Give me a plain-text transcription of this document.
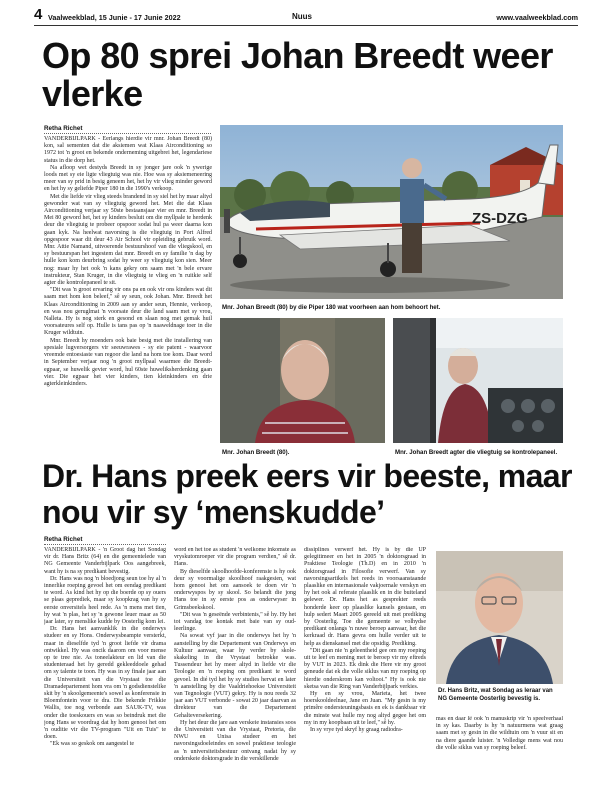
4 Vaalweekblad, 15 Junie - 17 Junie 2022	Nuus	www.vaalweekblad.com
Op 80 sprei Johan Breedt weer vlerke
Retha Richet

VANDERBIJLPARK - Eerlangs hierdie vir mnr. Johan Breedt (80) kon, sal sementen dat die aksiemen wat Klaas Airconditioning so 1972 tot 'n groot en bekende onderneming uitgebrei het, legendariese status in die dorp het.

Na afloop wet destyds Breedt in sy jonger jare ook 'n ywerige loods met sy eie ligte vliegtuig was nie. Hoe was sy aksiemeneering meer van sy prid in besig geneem het, het hy vir vlieg minder geword en het hy sy geliefde Piper 180 in die 1990's verkoop.

Met die liefde vir vlieg steeds brandend in sy siel het hy maar altyd gewonder wat van sy vliegtuig geword het. Met die dat Klaas Airconditioning verjaar sy 50ste bestaansjaar vier en mnr. Breedt in Mei 80 geword het, het sy kinders besluit om die myllpale te herdenk deur die vliegtuig te probeer opspoor sodat hul pa weer daarna kon gaan kyk. Na heelwat navorsing is die vliegtuig in Port Alfred opgespoor waar dit deur 43 Air School vir opleiding gebruik word. Mnr. Attie Namand, uitvoerende bestuurshoof van die vliegskool, en sy bestuurspan het ingestem dat mnr. Breedt en sy familie 'n dag by hulle kon kom deurbring sodat hy weer sy vliegtuig kon sien. Meer nog: maar hy het ook 'n kans gekry om saam met 'n bele ervare instrukteur, Stan Kruger, in die vliegtuig te vlieg en 'n ruitkie self agter die kontrolepaneel te sit.

"Dit was 'n groot ervaring vir ons pa en ook vir ons kinders wat dit saam met hom kon beleef," sê sy seun, ook Johan. Mnr. Breedt het Klaas Airconditioning in 2009 aan sy ander seun, Hennie, verkoop, en was nou geruglmat 'n voorsate deur die land saam met sy vrou, Nalleta. Hy is nog sterk en gesond en slaan nog met gemak huil voorsateures self op. Hulle is tans pas op 'n naaweldnage toer in die Kruger wildtuin.

Mnr. Breedt hy moenders ook baie besig met die installering van spesiale lugversorgers vir seeuwrawes - sy eie patent - waarvoor vreemde entoesiaste van regoor die land na hom toe kom. Daar word in September verjaar nog 'n groot myllpaal waarmee die Breedt-egpaar, se huwelik gevier word, hul 60ste huweliksherdenking gaan vier. Die egpaar het vier kinders, tien kleinkinders en drie agterkleinkinders.

ZS-DZG
Mnr. Johan Breedt (80) by die Piper 180 wat voorheen aan hom behoort het.
Mnr. Johan Breedt (80).	Mnr. Johan Breedt agter die vliegtuig se kontrolepaneel.
Dr. Hans preek eers vir beeste, maar nou vir sy ‘menskudde’
Retha Richet

VANDERBIJLPARK - 'n Groot dag het Sondag vir dr. Hans Britz (64) en die gemeentelede van NG Gemeente Vanderbijlpark Oos aangebreek, want hy is na sy predikant bevestig.

Dr. Hans was nog 'n bloedjong seun toe hy al 'n innerlike roeping gevoel het om eendag predikant te word. As kind het hy op die boerde op sy ouers se plaas geprediek, maar sy koopkrag van hy sy eerste onversitels heel rede. As 'n mens met tien, hy wat 'n plas, het sy 'n gewone leuer maar as 50 jaar later, sy menslike kudde by Oosterlig kom lei.

Dr. Hans het aanvanklik in die onderwys studeer en sy Hons. Onderwysbeampte versterkt, maar in dieselfde tyd 'n groot liefde vir drama ontwikkel. Hy was oncik daarom om voor mense op te tree nie. As toneelakteur en lid van die studenteraad het hy geredd gekleeddoele gehad om sy talente te toon. Hy was in sy finale jaar aan die Universiteit van die Vrystaat toe die Dramadepartement hom vra om 'n godsdienstelike skit by 'n skoolgemeente's sowel as konferensie in Bloemfontein voor te dra. Die bekende Frikkie Wallis, toe nog verbonde aan SAUK-TV, was onder die toeskouers en was so beindruk met die jong Hans se voordrag dat hy hom genooi het om 'n ouditie vir die TV-program "Uit en Tuis" te doen.

"Ek was so geskok om aangestel te

word en het toe as student 'n welkome inkomste as vryskutomroeper vir die program verdien," sê dr. Hans.

By dieselfde skoolhoofde-konferensie is hy ook deur sy voormalige skoolhoof raakgesien, wat hom genooi het om aansoek te doen vir 'n onderwyspos by sy skool. So belandt die jong Hans toe in sy eerste pos as onderwyser in Grimsbeekskool.

"Dit was 'n geseënde verbintenis," sê hy. Hy het tot vandag toe kontak met baie van sy oud-leerlinge.

Na sowat vyf jaar in die onderwys het hy 'n aanstelling by die Departement van Onderwys en Kultuur aanvaar, waar hy verder by skole-skakeling in die Vrystaat betrokke was. Tussendeur het hy meer altyd in liefde vir die Teologie en 'n roeping om predikant te word gevoel. In dié tyd het hy sy studies hervat en later 'n aanstelling by die Vaaldriehoekse Universiteit van Tegnologie (VUT) gekry. Hy is nou reeds 32 jaar aan VUT verbonde - sowat 20 jaar daarvan as direkteur van die Departement Gehalteversekering.

Hy het deur die jare aan verskeie instansies soos die Universiteit van die Vrystaat, Pretoria, die NWU en Unisa studeer en het navorsingsdoeleindes en sowel praktiese teologie as 'n universiteitsbestuur ontvang nadat hy sy onderskeie doktorsgrade in die verskillende

dissiplines verwerf het. Hy is by die UP gelegitimeer en het in 2005 'n doktorsgraad in Praktiese Teologie (Th.D) en in 2010 'n doktorsgraad in Filosofie verwerf. Van sy navorsingsartikels het reeds in voorsaanstaande plaaslike en internasionale vakjoernale verskyn en hy het ook al referate plaaslik en in die buiteland gelewer. Dr. Hans het as gesprekter reeds honderde keer op plaaslike kansels gestaan, en hulp sedert Maart 2005 gereeld uit met prediking by Oosterlig. Toe die gemeente se volhydse predikant onlangs 'n nuwe beroep aanvaar, het die kerkraad dr. Hans gevra om hulle verder uit te help as dienskansel met die opsidig. Prediking.

"Dit gaan nie 'n geleentheid gee om my roeping uit te leef en mening met te beroep vir my eftreds by VUT in 2023. Ek dink die Here vir my groot geneude dat ek die volle siklus van my roeping op hierdie onderskrom kan voltooi." Hy is ook nie sketsa van die Ring van Vanderbijlpark verkies.

Hy en sy vrou, Marieta, het twee hoerskooldeelnae, Jane en Juan. "My gesin is my primêre ondersteuningsbasis en ek is dankbaar vir die minste wat hulle my nog altyd gegee het om my in my koopbaan uit te leef," sê hy.

In sy vrye tyd skryf hy graag radiodra-

Dr. Hans Britz, wat Sondag as leraar van NG Gemeente Oosterlig bevestig is.

mas en daar lê ook 'n manuskrip vir 'n speelverhaal in sy kas. Daarby is hy 'n natuurmens wat graag saam met sy gesin in die wildtuin om 'n vuur sit en na diere gaande luister. 'n Volledige mens wat nou die volle siklus van sy roeping beleef.
